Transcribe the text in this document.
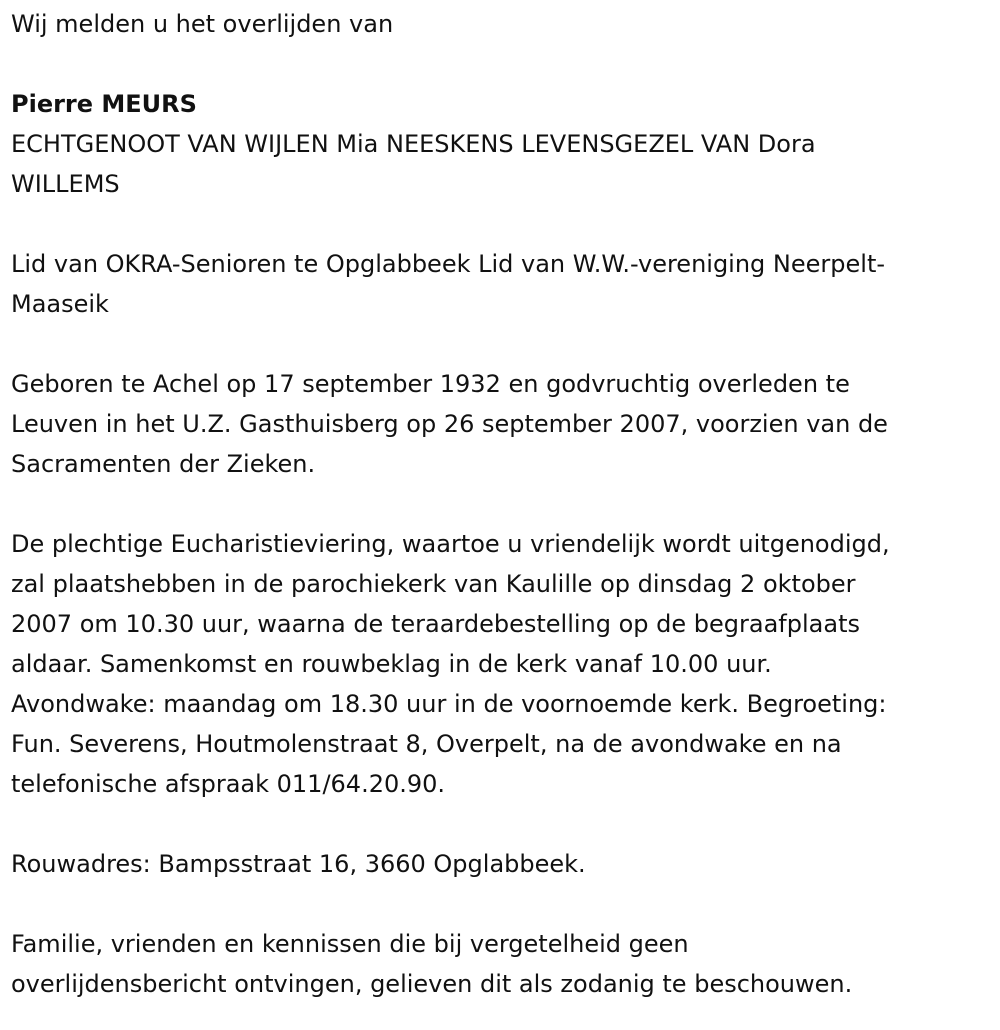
Wij melden u het overlijden van

Pierre MEURS

ECHTGENOOT VAN WIJLEN Mia NEESKENS LEVENSGEZEL VAN Dora

WILLEMS

Lid van OKRA-Senioren te Opglabbeek Lid van W.W.-vereniging Neerpelt-

Maaseik

Geboren te Achel op 17 september 1932 en godvruchtig overleden te

Leuven in het U.Z. Gasthuisberg op 26 september 2007, voorzien van de

Sacramenten der Zieken.

De plechtige Eucharistieviering, waartoe u vriendelijk wordt uitgenodigd,

zal plaatshebben in de parochiekerk van Kaulille op dinsdag 2 oktober

2007 om 10.30 uur, waarna de teraardebestelling op de begraafplaats

aldaar. Samenkomst en rouwbeklag in de kerk vanaf 10.00 uur.

Avondwake: maandag om 18.30 uur in de voornoemde kerk. Begroeting:

Fun. Severens, Houtmolenstraat 8, Overpelt, na de avondwake en na

telefonische afspraak 011/64.20.90.

Rouwadres: Bampsstraat 16, 3660 Opglabbeek.

Familie, vrienden en kennissen die bij vergetelheid geen

overlijdensbericht ontvingen, gelieven dit als zodanig te beschouwen.
